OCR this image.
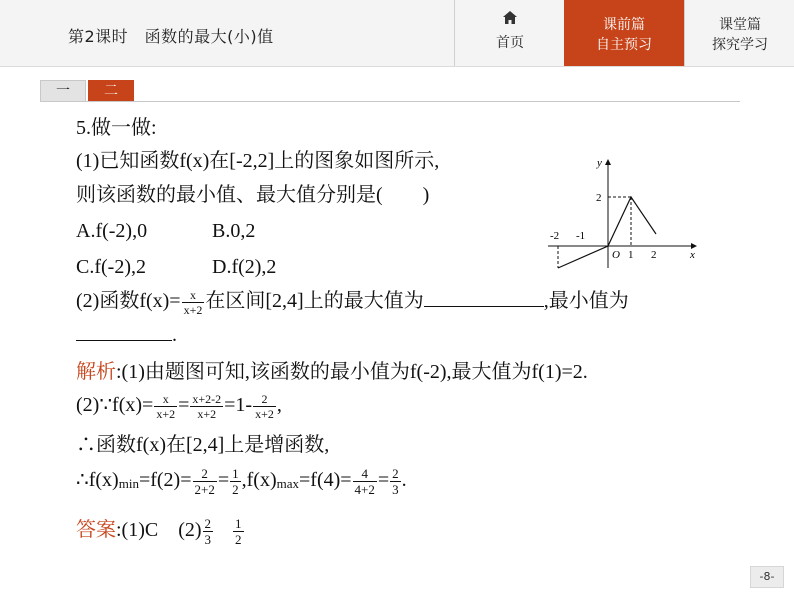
第2课时　函数的最大(小)值	首页
课前篇
自主预习
课堂篇
探究学习
一	二
5.做一做:
(1)已知函数f(x)在[-2,2]上的图象如图所示,
则该函数的最小值、最大值分别是(　　)
A.f(-2),0	B.0,2
C.f(-2),2	D.f(2),2
(2)函数$f(x)= \frac{x}{x+2}$ 在区间[2,4]上的最大值为	,最小值为
.
y
x
O
-2 -1
1 2
2
解析:(1)由题图可知,该函数的最小值为f(-2),最大值为f(1)=2.
(2)∵f(x)= $\frac{x}{x+2} = \frac{x+2-2}{x+2} =1- \frac{2}{x+2}$ ,
∴函数f(x)在[2,4]上是增函数,
∴f(x)min=f(2)= $\frac{2}{2+2} = \frac{1}{2} ,f(x)\max=f(4)= \frac{4}{4+2} = \frac{2}{3}$ .
答案:(1)C　$(2) \frac{2}{3} \frac{1}{2}$
-8-
